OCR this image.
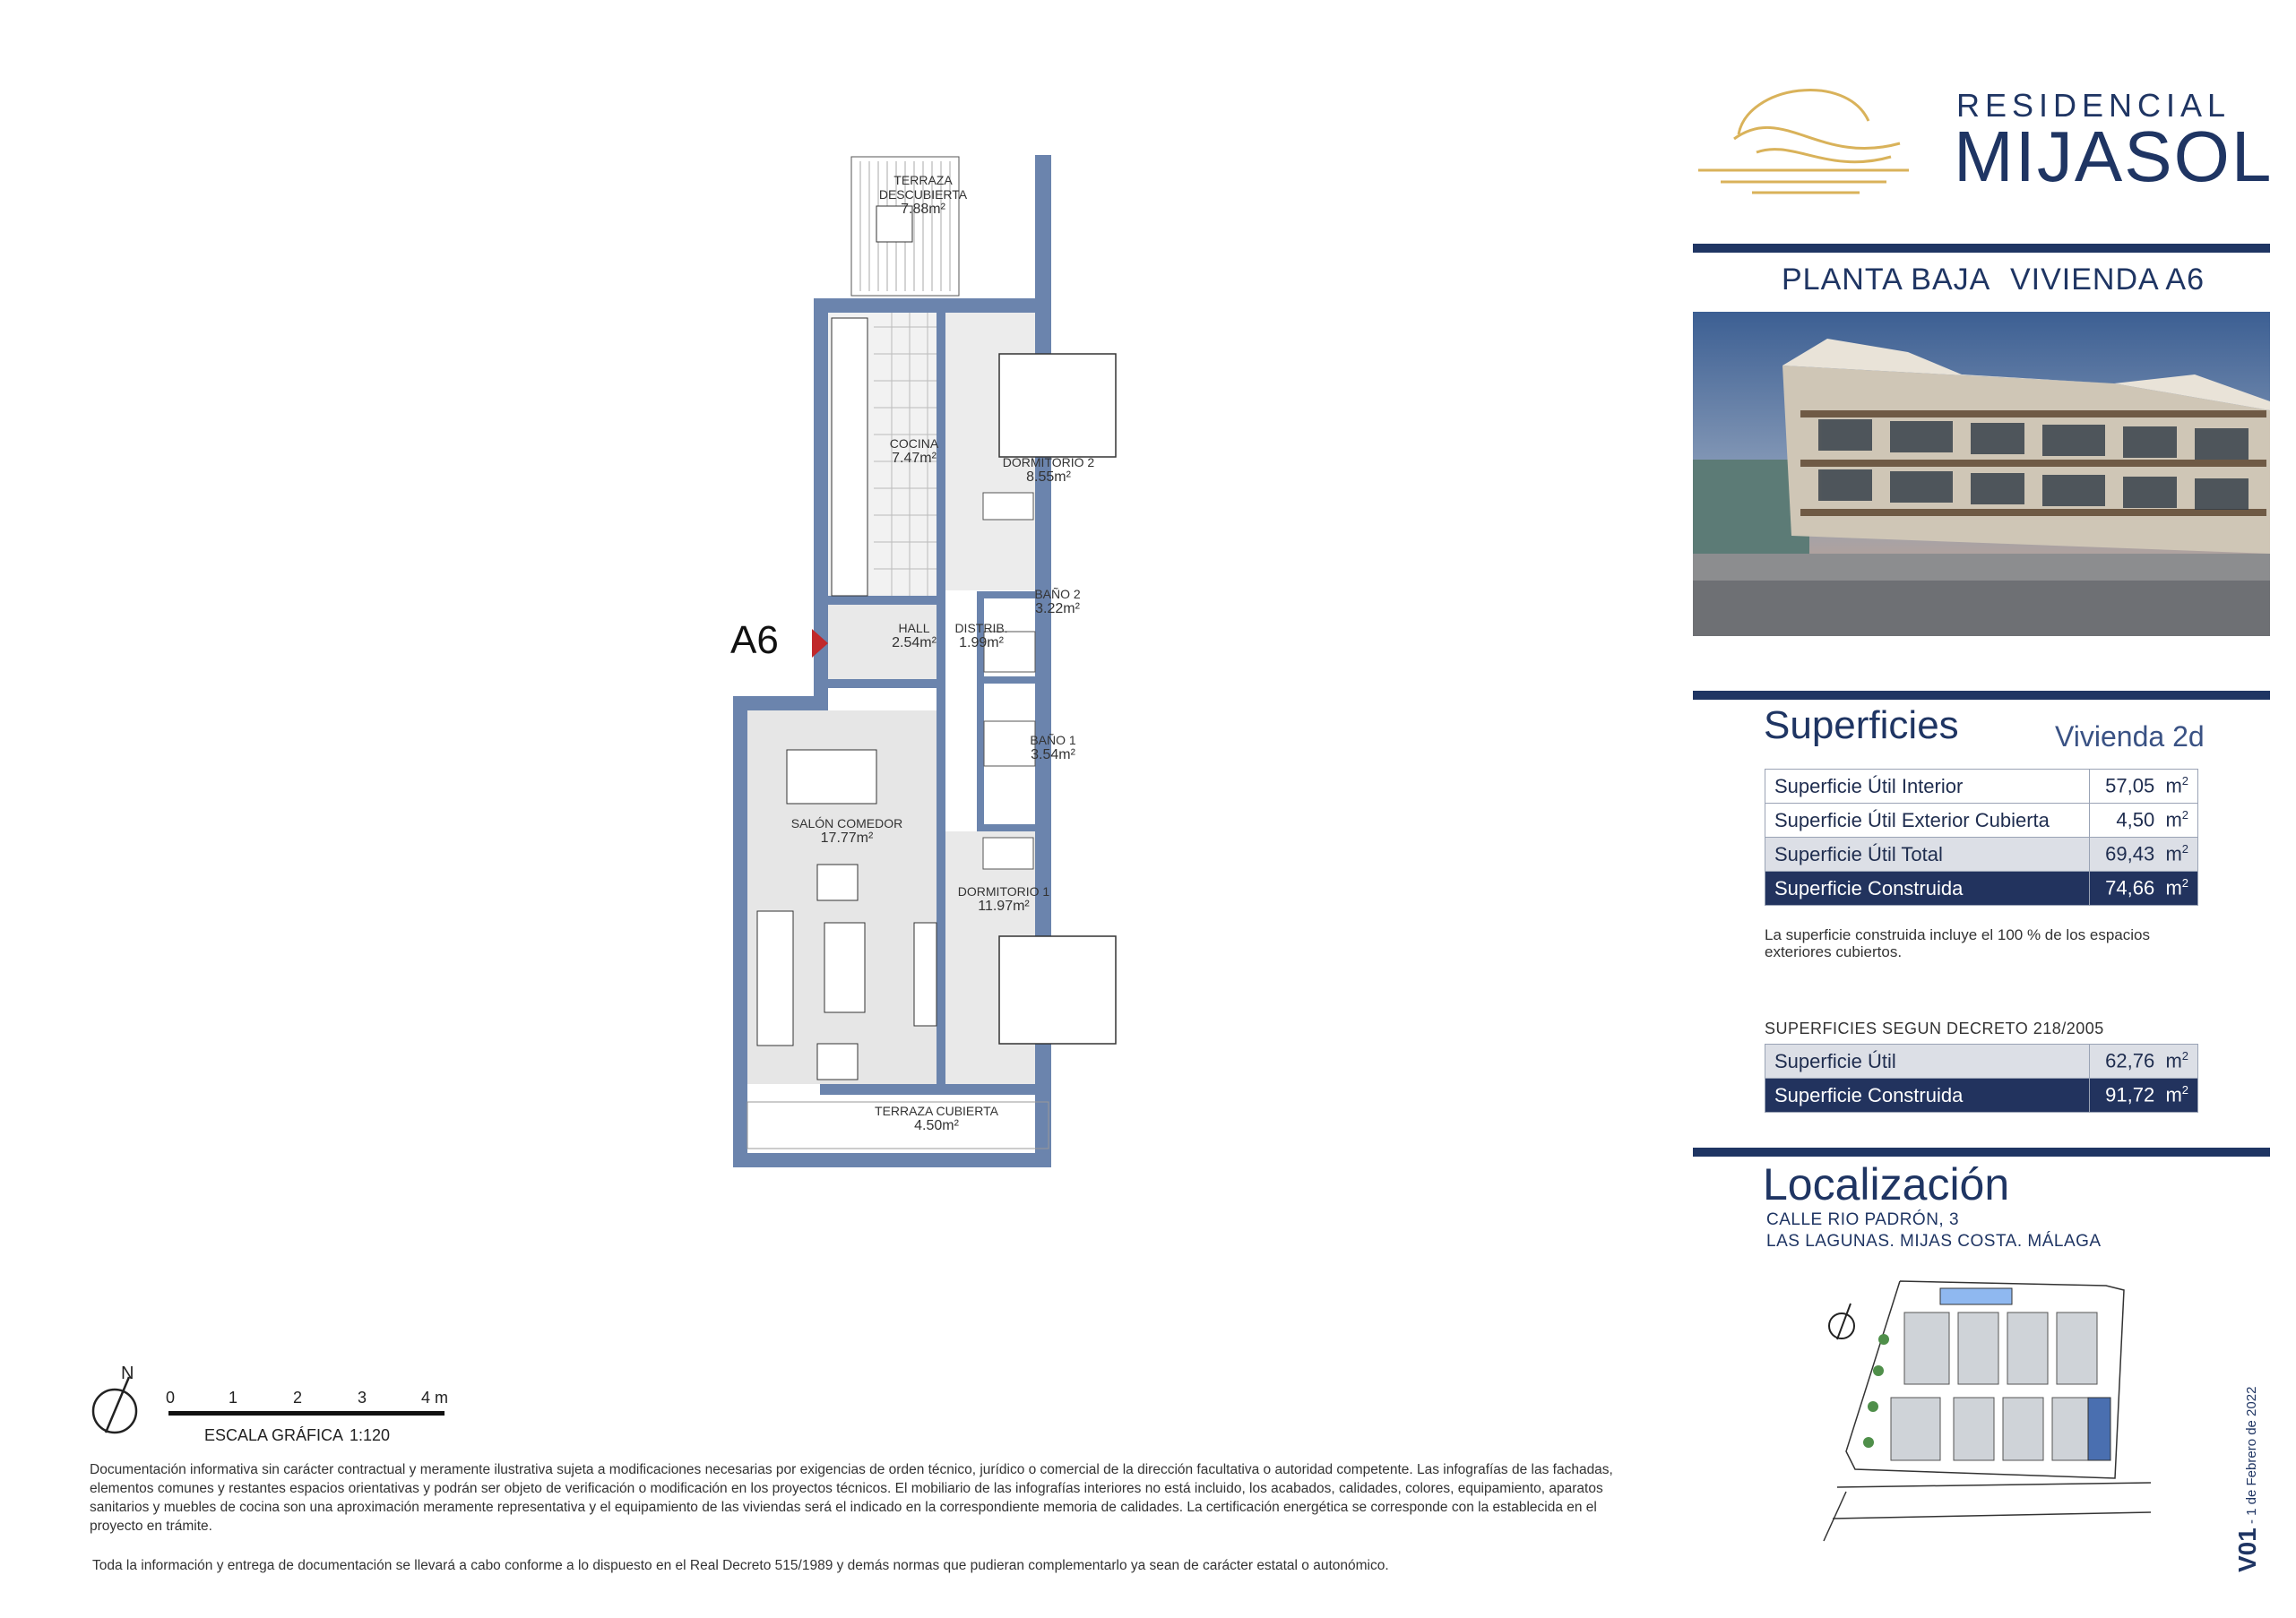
RESIDENCIAL
MIJASOL
PLANTA BAJA VIVIENDA A6
Superficies	Vivienda 2d
Superficie Útil Interior	57,05 $m^2$
Superficie Útil Exterior Cubierta	4,50 $m^2$
Superficie Útil Total	69,43 $m^2$
Superficie Construida	74,66 $m^2$
La superficie construida incluye el 100 % de los espacios exteriores cubiertos.
SUPERFICIES SEGUN DECRETO 218/2005
Superficie Útil	62,76 $m^2$
Superficie Construida	91,72 $m^2$
Localización
CALLE RIO PADRÓN, 3
LAS LAGUNAS. MIJAS COSTA. MÁLAGA
TERRAZA DESCUBIERTA
7.88m²
COCINA
7.47m²	DORMITORIO 2
8.55m²
BAÑO 2
3.22m²
HALL
2.54m²
DISTRIB.
1.99m²
BAÑO 1
3.54m²
SALÓN COMEDOR
17.77m²
DORMITORIO 1
11.97m²
TERRAZA CUBIERTA
4.50m²
A6
N
0	1	2	3	4 m
ESCALA GRÁFICA 1:120
Documentación informativa sin carácter contractual y meramente ilustrativa sujeta a modificaciones necesarias por exigencias de orden técnico, jurídico o comercial de la dirección facultativa o autoridad competente. Las infografías de las fachadas, elementos comunes y restantes espacios orientativas y podrán ser objeto de verificación o modificación en los proyectos técnicos. El mobiliario de las infografías interiores no está incluido, los acabados, calidades, colores, equipamiento, aparatos sanitarios y muebles de cocina son una aproximación meramente representativa y el equipamiento de las viviendas será el indicado en la correspondiente memoria de calidades. La certificación energética se corresponde con la establecida en el proyecto en trámite.
Toda la información y entrega de documentación se llevará a cabo conforme a lo dispuesto en el Real Decreto 515/1989 y demás normas que pudieran complementarlo ya sean de carácter estatal o autonómico.	V01 - 1 de Febrero de 2022
